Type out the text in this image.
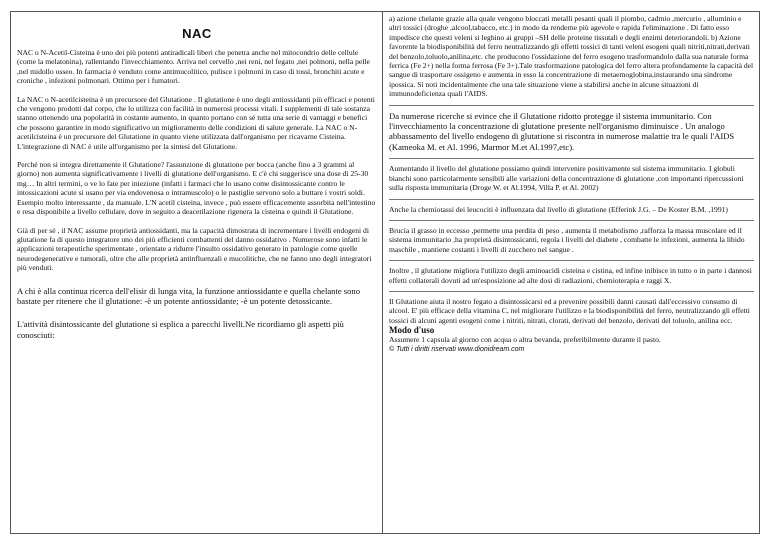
NAC

NAC o N-Acetil-Cisteina è uno dei più potenti antiradicali liberi che penetra anche nel mitocondrio delle cellule (come la melatonina), rallentando l'invecchiamento. Arriva nel cervello ,nei reni, nel fegato ,nei polmoni, nella pelle ,nel midollo osseo. In farmacia è venduto come antimucolitico, pulisce i polmoni in caso di tossi, bronchiti acute e croniche , infezioni polmonari. Ottimo per i fumatori.

La NAC o N-acetilcisteina è un precursore del Glutatione . Il glutatione è uno degli antiossidanti più efficaci e potenti che vengono prodotti dal corpo, che lo utilizza con facilità in numerosi processi vitali. I supplementi di tale sostanza stanno ottenendo una popolarità in costante aumento, in quanto portano con sé tutta una serie di vantaggi e benefici che possono garantire in modo significativo un miglioramento delle condizioni di salute generale. La NAC o N-acetilcisteina è un precursore del Glutatione in quanto viene utilizzata dall'organismo per ricavarne Cisteina. L'integrazione di NAC è utile all'organismo per la sintesi del Glutatione.

Perché non si integra direttamente il Glutatione? l'assunzione di glutatione per bocca (anche fino a 3 grammi al giorno) non aumenta significativamente i livelli di glutatione dell'organismo. E c'è chi suggerisce una dose di 25-30 mg… In altri termini, o ve lo fate per iniezione (infatti i farmaci che lo usano come disintossicante contro le intossicazioni acute si usano per via endovenosa o intramuscolo) o le pastiglie servono solo a buttare i vostri soldi. Esempio molto interessante , da manuale. L'N acetil cisteina, invece , può essere efficacemente assorbita nell'intestino e resa disponibile a livello cellulare, dove in seguito a deacetilazione rigenera la cisteina e quindi il Glutatione.

Già di per sé , il NAC assume proprietà antiossidanti, ma la capacità dimostrata di incrementare i livelli endogeni di glutatione fa di questo integratore uno dei più efficienti combattenti del danno ossidativo . Numerose sono infatti le applicazioni terapeutiche sperimentate , orientate a ridurre l'insulto ossidativo generato in patologie come quelle neurodegenerative e tumorali, oltre che alle proprietà antinfluenzali e mucolitiche, che ne fanno uno degli integratori più venduti.

A chi è alla continua ricerca dell'elisir di lunga vita, la funzione antiossidante e quella chelante sono bastate per ritenere che il glutatione: -è un potente antiossidante; -è un potente detossicante.

L'attività disintossicante del glutatione si esplica a parecchi livelli.Ne ricordiamo gli aspetti più conosciuti:

a) azione chelante grazie alla quale vengono bloccati metalli pesanti quali il piombo, cadmio ,mercurio , alluminio e altri tossici (droghe ,alcool,tabacco, etc.) in modo da renderne più agevole e rapida l'eliminazione . Di fatto esso impedisce che questi veleni si leghino ai gruppi –SH delle proteine tissutali e degli enzimi deteriorandoli. b) Azione favorente la biodisponibilità del ferro neutralizzando gli effetti tossici di tanti veleni esogeni quali nitriti,nitrati,derivati del benzolo,toluolo,anilina,etc. che producono l'ossidazione del ferro esogeno trasformandolo dalla sua naturale forma ferrica (Fe 2+) nella forma ferrosa (Fe 3+).Tale trasformazione patologica del ferro altera profondamente la capacità del sangue di trasportare ossigeno e aumenta in esso la concentrazione di metaemoglobina,instaurando una sindrome ipossica. Si noti incidentalmente che una tale situazione viene a stabilirsi anche in alcune situazioni di immunodeficienza quali l'AIDS.

Da numerose ricerche si evince che il Glutatione ridotto protegge il sistema immunitario. Con l'invecchiamento la concentrazione di glutatione presente nell'organismo diminuisce . Un analogo abbassamento del livello endogeno di glutatione si riscontra in numerose malattie tra le quali l'AIDS (Kameoka M. et Al. 1996, Marmor M.et Al.1997,etc).

Aumentando il livello del glutatione possiamo quindi intervenire positivamente sul sistema immunitario. I globuli bianchi sono particolarmente sensibili alle variazioni della concentrazione di glutatione ,con importanti ripercussioni sulla risposta immunitaria (Droge W. et Al.1994, Villa P. et Al. 2002)

Anche la chemiotassi dei leucociti è influenzata dal livello di glutatione (Efferink J.G. – De Koster B.M. ,1991)

Brucia il grasso in eccesso ,permette una perdita di peso , aumenta il metabolismo ,rafforza la massa muscolare ed il sistema immunitario ,ha proprietà disintossicanti, regola i livelli del diabete , combatte le infezioni, aumenta la libido maschile , mantiene costanti i livelli di zucchero nel sangue .

Inoltre , il glutatione migliora l'utilizzo degli aminoacidi cisteina e cistina, ed infine inibisce in tutto o in parte i dannosi effetti collaterali dovuti ad un'esposizione ad alte dosi di radiazioni, chemioterapia e raggi X.

Il Glutatione aiuta il nostro fegato a disintossicarsi ed a prevenire possibili danni causati dall'eccessivo consumo di alcool. E' più efficace della vitamina C, nel migliorare l'utilizzo e la biodisponibilità del ferro, neutralizzando gli effetti tossici di alcuni agenti esogeni come i nitriti, nitrati, clorati, derivati del benzolo, derivati del toluolo, anilina ecc.

Modo d'uso

Assumere 1 capsula al giorno con acqua o altra bevanda, preferibilmente durante il pasto.

© Tutti i diritti riservati www.dionidream.com
